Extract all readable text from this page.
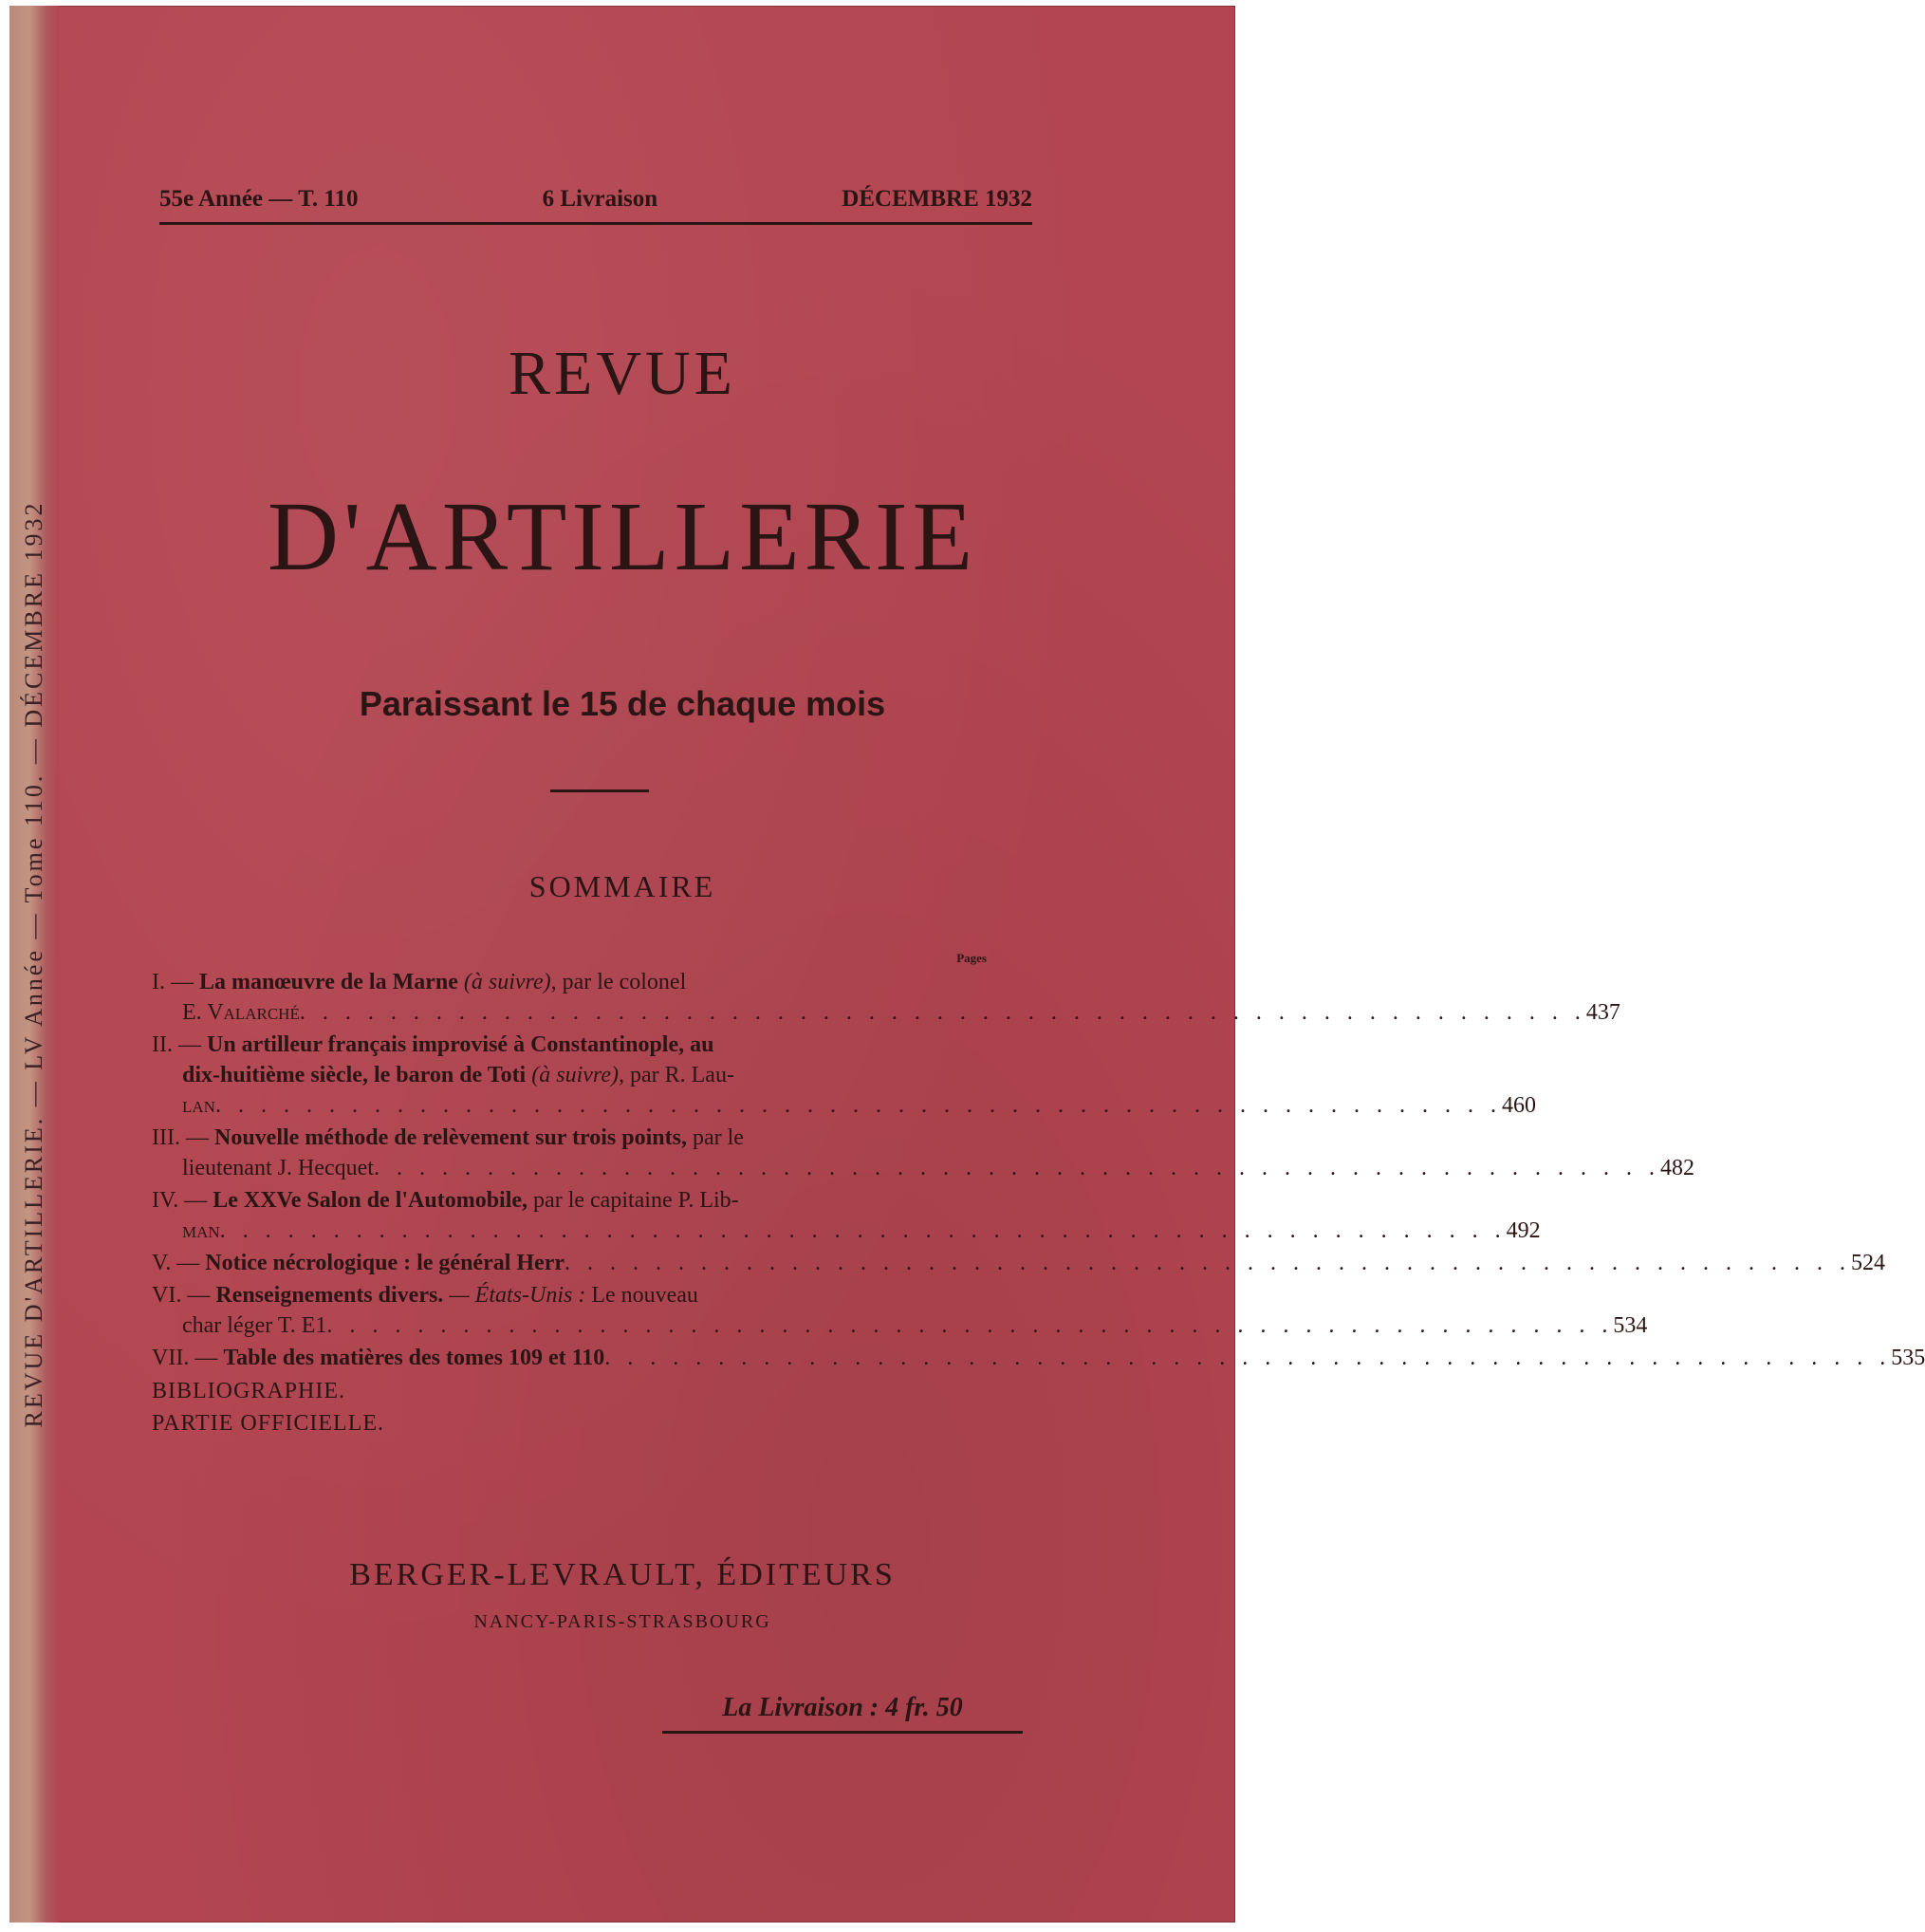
REVUE D'ARTILLERIE. — LV Année — Tome 110. — DÉCEMBRE 1932
55e Année — T. 110	6 Livraison	DÉCEMBRE 1932
REVUE
D'ARTILLERIE
Paraissant le 15 de chaque mois
SOMMAIRE
Pages
I. — La manœuvre de la Marne (à suivre), par le colonel
E. Valarché . . .	437
II. — Un artilleur français improvisé à Constantinople, au
dix-huitième siècle, le baron de Toti (à suivre), par R. Lau-
lan . . .	460
III. — Nouvelle méthode de relèvement sur trois points, par le
lieutenant J. Hecquet . . .	482
IV. — Le XXVe Salon de l'Automobile, par le capitaine P. Lib-
man . . .	492
V. —
Notice nécrologique : le général Herr . . .	524
VI. — Renseignements divers. — États-Unis : Le nouveau
char léger T. E1 . . .	534
VII. —
Table des matières des tomes 109 et 110 . . .	535
BIBLIOGRAPHIE.
PARTIE OFFICIELLE.
BERGER-LEVRAULT, ÉDITEURS
NANCY-PARIS-STRASBOURG
La Livraison : 4 fr. 50
